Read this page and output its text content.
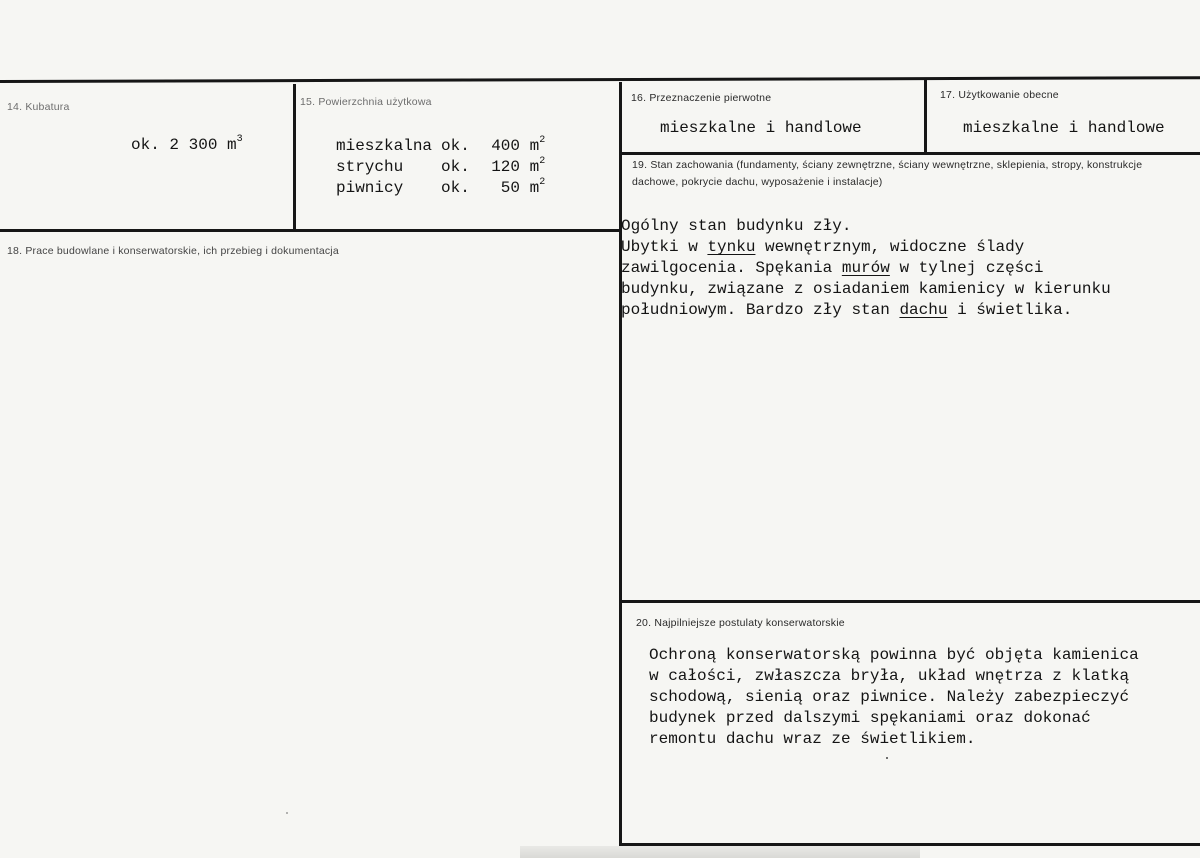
14. Kubatura
ok. 2 300 $m^3$
15. Powierzchnia użytkowa
mieszkalna ok. 400 $m^2$
strychu ok. 120 $m^2$
piwnicy ok. 50 $m^2$
16. Przeznaczenie pierwotne
mieszkalne i handlowe
17. Użytkowanie obecne
mieszkalne i handlowe
18. Prace budowlane i konserwatorskie, ich przebieg i dokumentacja
19. Stan zachowania (fundamenty, ściany zewnętrzne, ściany wewnętrzne, sklepienia, stropy, konstrukcje dachowe, pokrycie dachu, wyposażenie i instalacje)
Ogólny stan budynku zły.
Ubytki w tynku wewnętrznym, widoczne ślady
zawilgocenia. Spękania murów w tylnej części
budynku, związane z osiadaniem kamienicy w kierunku
południowym. Bardzo zły stan dachu i świetlika.
20. Najpilniejsze postulaty konserwatorskie
Ochroną konserwatorską powinna być objęta kamienica
w całości, zwłaszcza bryła, układ wnętrza z klatką
schodową, sienią oraz piwnice. Należy zabezpieczyć
budynek przed dalszymi spękaniami oraz dokonać
remontu dachu wraz ze świetlikiem.
